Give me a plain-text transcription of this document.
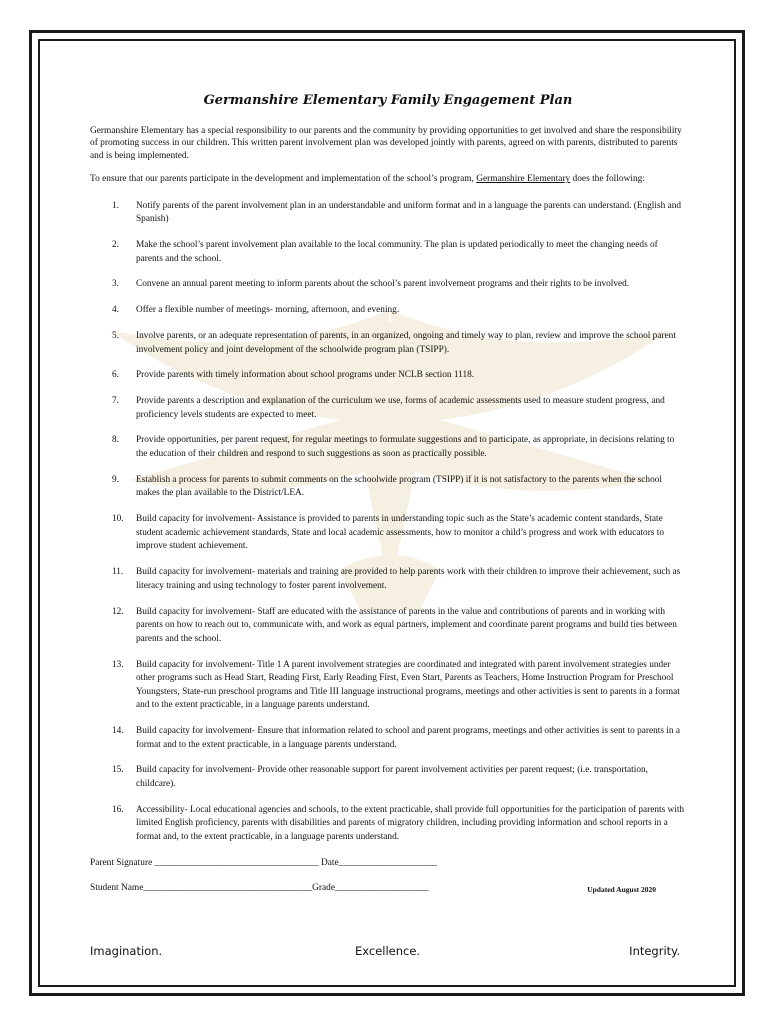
Germanshire Elementary Family Engagement Plan

Germanshire Elementary has a special responsibility to our parents and the community by providing opportunities to get involved and share the responsibility of promoting success in our children. This written parent involvement plan was developed jointly with parents, agreed on with parents, distributed to parents and is being implemented.

To ensure that our parents participate in the development and implementation of the school’s program, Germanshire Elementary does the following:

1. Notify parents of the parent involvement plan in an understandable and uniform format and in a language the parents can understand. (English and Spanish)
2. Make the school’s parent involvement plan available to the local community. The plan is updated periodically to meet the changing needs of parents and the school.
3. Convene an annual parent meeting to inform parents about the school’s parent involvement programs and their rights to be involved.
4. Offer a flexible number of meetings- morning, afternoon, and evening.
5. Involve parents, or an adequate representation of parents, in an organized, ongoing and timely way to plan, review and improve the school parent involvement policy and joint development of the schoolwide program plan (TSIPP).
6. Provide parents with timely information about school programs under NCLB section 1118.
7. Provide parents a description and explanation of the curriculum we use, forms of academic assessments used to measure student progress, and proficiency levels students are expected to meet.
8. Provide opportunities, per parent request, for regular meetings to formulate suggestions and to participate, as appropriate, in decisions relating to the education of their children and respond to such suggestions as soon as practically possible.
9. Establish a process for parents to submit comments on the schoolwide program (TSIPP) if it is not satisfactory to the parents when the school makes the plan available to the District/LEA.
10. Build capacity for involvement- Assistance is provided to parents in understanding topic such as the State’s academic content standards, State student academic achievement standards, State and local academic assessments, how to monitor a child’s progress and work with educators to improve student achievement.
11. Build capacity for involvement- materials and training are provided to help parents work with their children to improve their achievement, such as literacy training and using technology to foster parent involvement.
12. Build capacity for involvement- Staff are educated with the assistance of parents in the value and contributions of parents and in working with parents on how to reach out to, communicate with, and work as equal partners, implement and coordinate parent programs and build ties between parents and the school.
13. Build capacity for involvement- Title 1 A parent involvement strategies are coordinated and integrated with parent involvement strategies under other programs such as Head Start, Reading First, Early Reading First, Even Start, Parents as Teachers, Home Instruction Program for Preschool Youngsters, State-run preschool programs and Title III language instructional programs, meetings and other activities is sent to parents in a format and to the extent practicable, in a language parents understand.
14. Build capacity for involvement- Ensure that information related to school and parent programs, meetings and other activities is sent to parents in a format and to the extent practicable, in a language parents understand.
15. Build capacity for involvement- Provide other reasonable support for parent involvement activities per parent request; (i.e. transportation, childcare).
16. Accessibility- Local educational agencies and schools, to the extent practicable, shall provide full opportunities for the participation of parents with limited English proficiency, parents with disabilities and parents of migratory children, including providing information and school reports in a format and, to the extent practicable, in a language parents understand.
Parent Signature ___________________________________ Date_____________________
Student Name____________________________________Grade____________________	Updated August 2020
Imagination.	Excellence.	Integrity.
